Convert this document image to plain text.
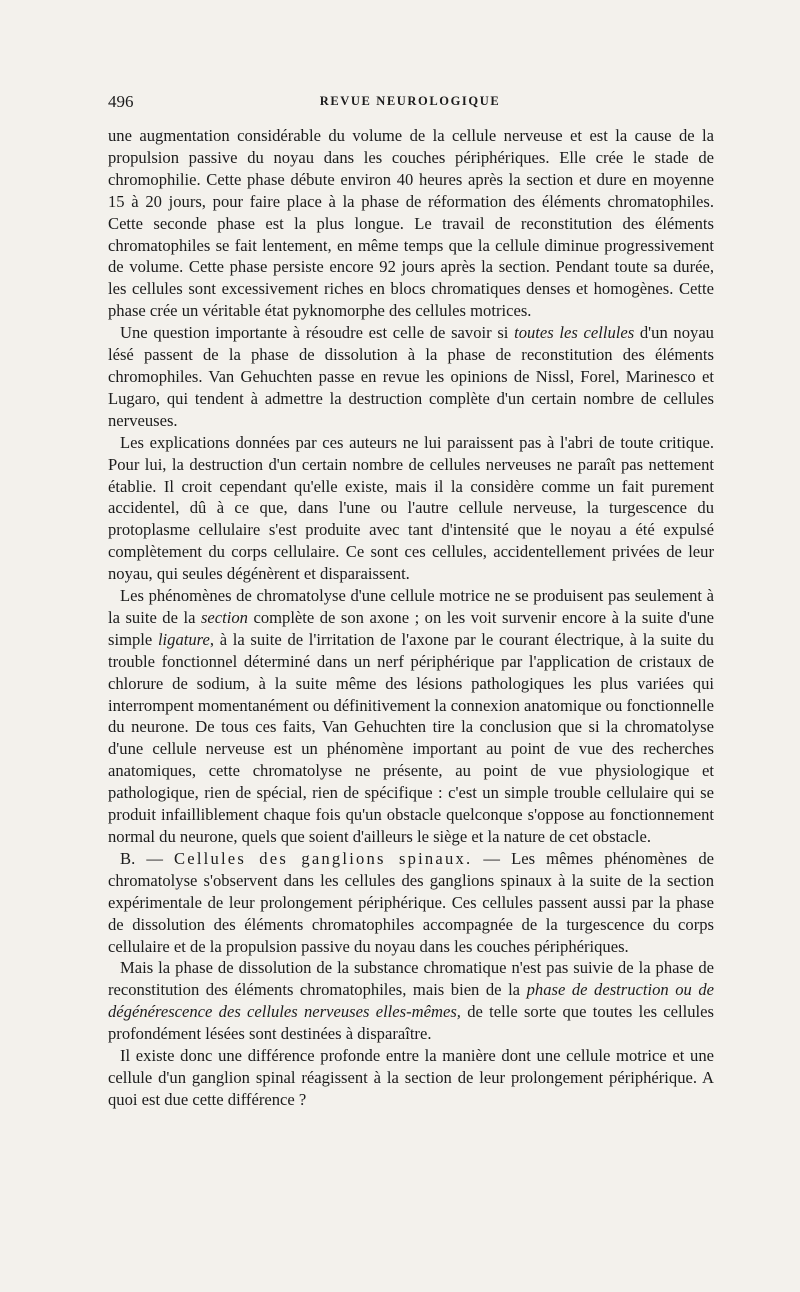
496	REVUE NEUROLOGIQUE

une augmentation considérable du volume de la cellule nerveuse et est la cause de la propulsion passive du noyau dans les couches périphériques. Elle crée le stade de chromophilie. Cette phase débute environ 40 heures après la section et dure en moyenne 15 à 20 jours, pour faire place à la phase de réformation des éléments chromatophiles. Cette seconde phase est la plus longue. Le travail de reconstitution des éléments chromatophiles se fait lentement, en même temps que la cellule diminue progressivement de volume. Cette phase persiste encore 92 jours après la section. Pendant toute sa durée, les cellules sont excessivement riches en blocs chromatiques denses et homogènes. Cette phase crée un véritable état pyknomorphe des cellules motrices.

Une question importante à résoudre est celle de savoir si toutes les cellules d'un noyau lésé passent de la phase de dissolution à la phase de reconstitution des éléments chromophiles. Van Gehuchten passe en revue les opinions de Nissl, Forel, Marinesco et Lugaro, qui tendent à admettre la destruction complète d'un certain nombre de cellules nerveuses.

Les explications données par ces auteurs ne lui paraissent pas à l'abri de toute critique. Pour lui, la destruction d'un certain nombre de cellules nerveuses ne paraît pas nettement établie. Il croit cependant qu'elle existe, mais il la considère comme un fait purement accidentel, dû à ce que, dans l'une ou l'autre cellule nerveuse, la turgescence du protoplasme cellulaire s'est produite avec tant d'intensité que le noyau a été expulsé complètement du corps cellulaire. Ce sont ces cellules, accidentellement privées de leur noyau, qui seules dégénèrent et disparaissent.

Les phénomènes de chromatolyse d'une cellule motrice ne se produisent pas seulement à la suite de la section complète de son axone ; on les voit survenir encore à la suite d'une simple ligature, à la suite de l'irritation de l'axone par le courant électrique, à la suite du trouble fonctionnel déterminé dans un nerf périphérique par l'application de cristaux de chlorure de sodium, à la suite même des lésions pathologiques les plus variées qui interrompent momentanément ou définitivement la connexion anatomique ou fonctionnelle du neurone. De tous ces faits, Van Gehuchten tire la conclusion que si la chromatolyse d'une cellule nerveuse est un phénomène important au point de vue des recherches anatomiques, cette chromatolyse ne présente, au point de vue physiologique et pathologique, rien de spécial, rien de spécifique : c'est un simple trouble cellulaire qui se produit infailliblement chaque fois qu'un obstacle quelconque s'oppose au fonctionnement normal du neurone, quels que soient d'ailleurs le siège et la nature de cet obstacle.

B. — Cellules des ganglions spinaux. — Les mêmes phénomènes de chromatolyse s'observent dans les cellules des ganglions spinaux à la suite de la section expérimentale de leur prolongement périphérique. Ces cellules passent aussi par la phase de dissolution des éléments chromatophiles accompagnée de la turgescence du corps cellulaire et de la propulsion passive du noyau dans les couches périphériques.

Mais la phase de dissolution de la substance chromatique n'est pas suivie de la phase de reconstitution des éléments chromatophiles, mais bien de la phase de destruction ou de dégénérescence des cellules nerveuses elles-mêmes, de telle sorte que toutes les cellules profondément lésées sont destinées à disparaître.

Il existe donc une différence profonde entre la manière dont une cellule motrice et une cellule d'un ganglion spinal réagissent à la section de leur prolongement périphérique. A quoi est due cette différence ?
